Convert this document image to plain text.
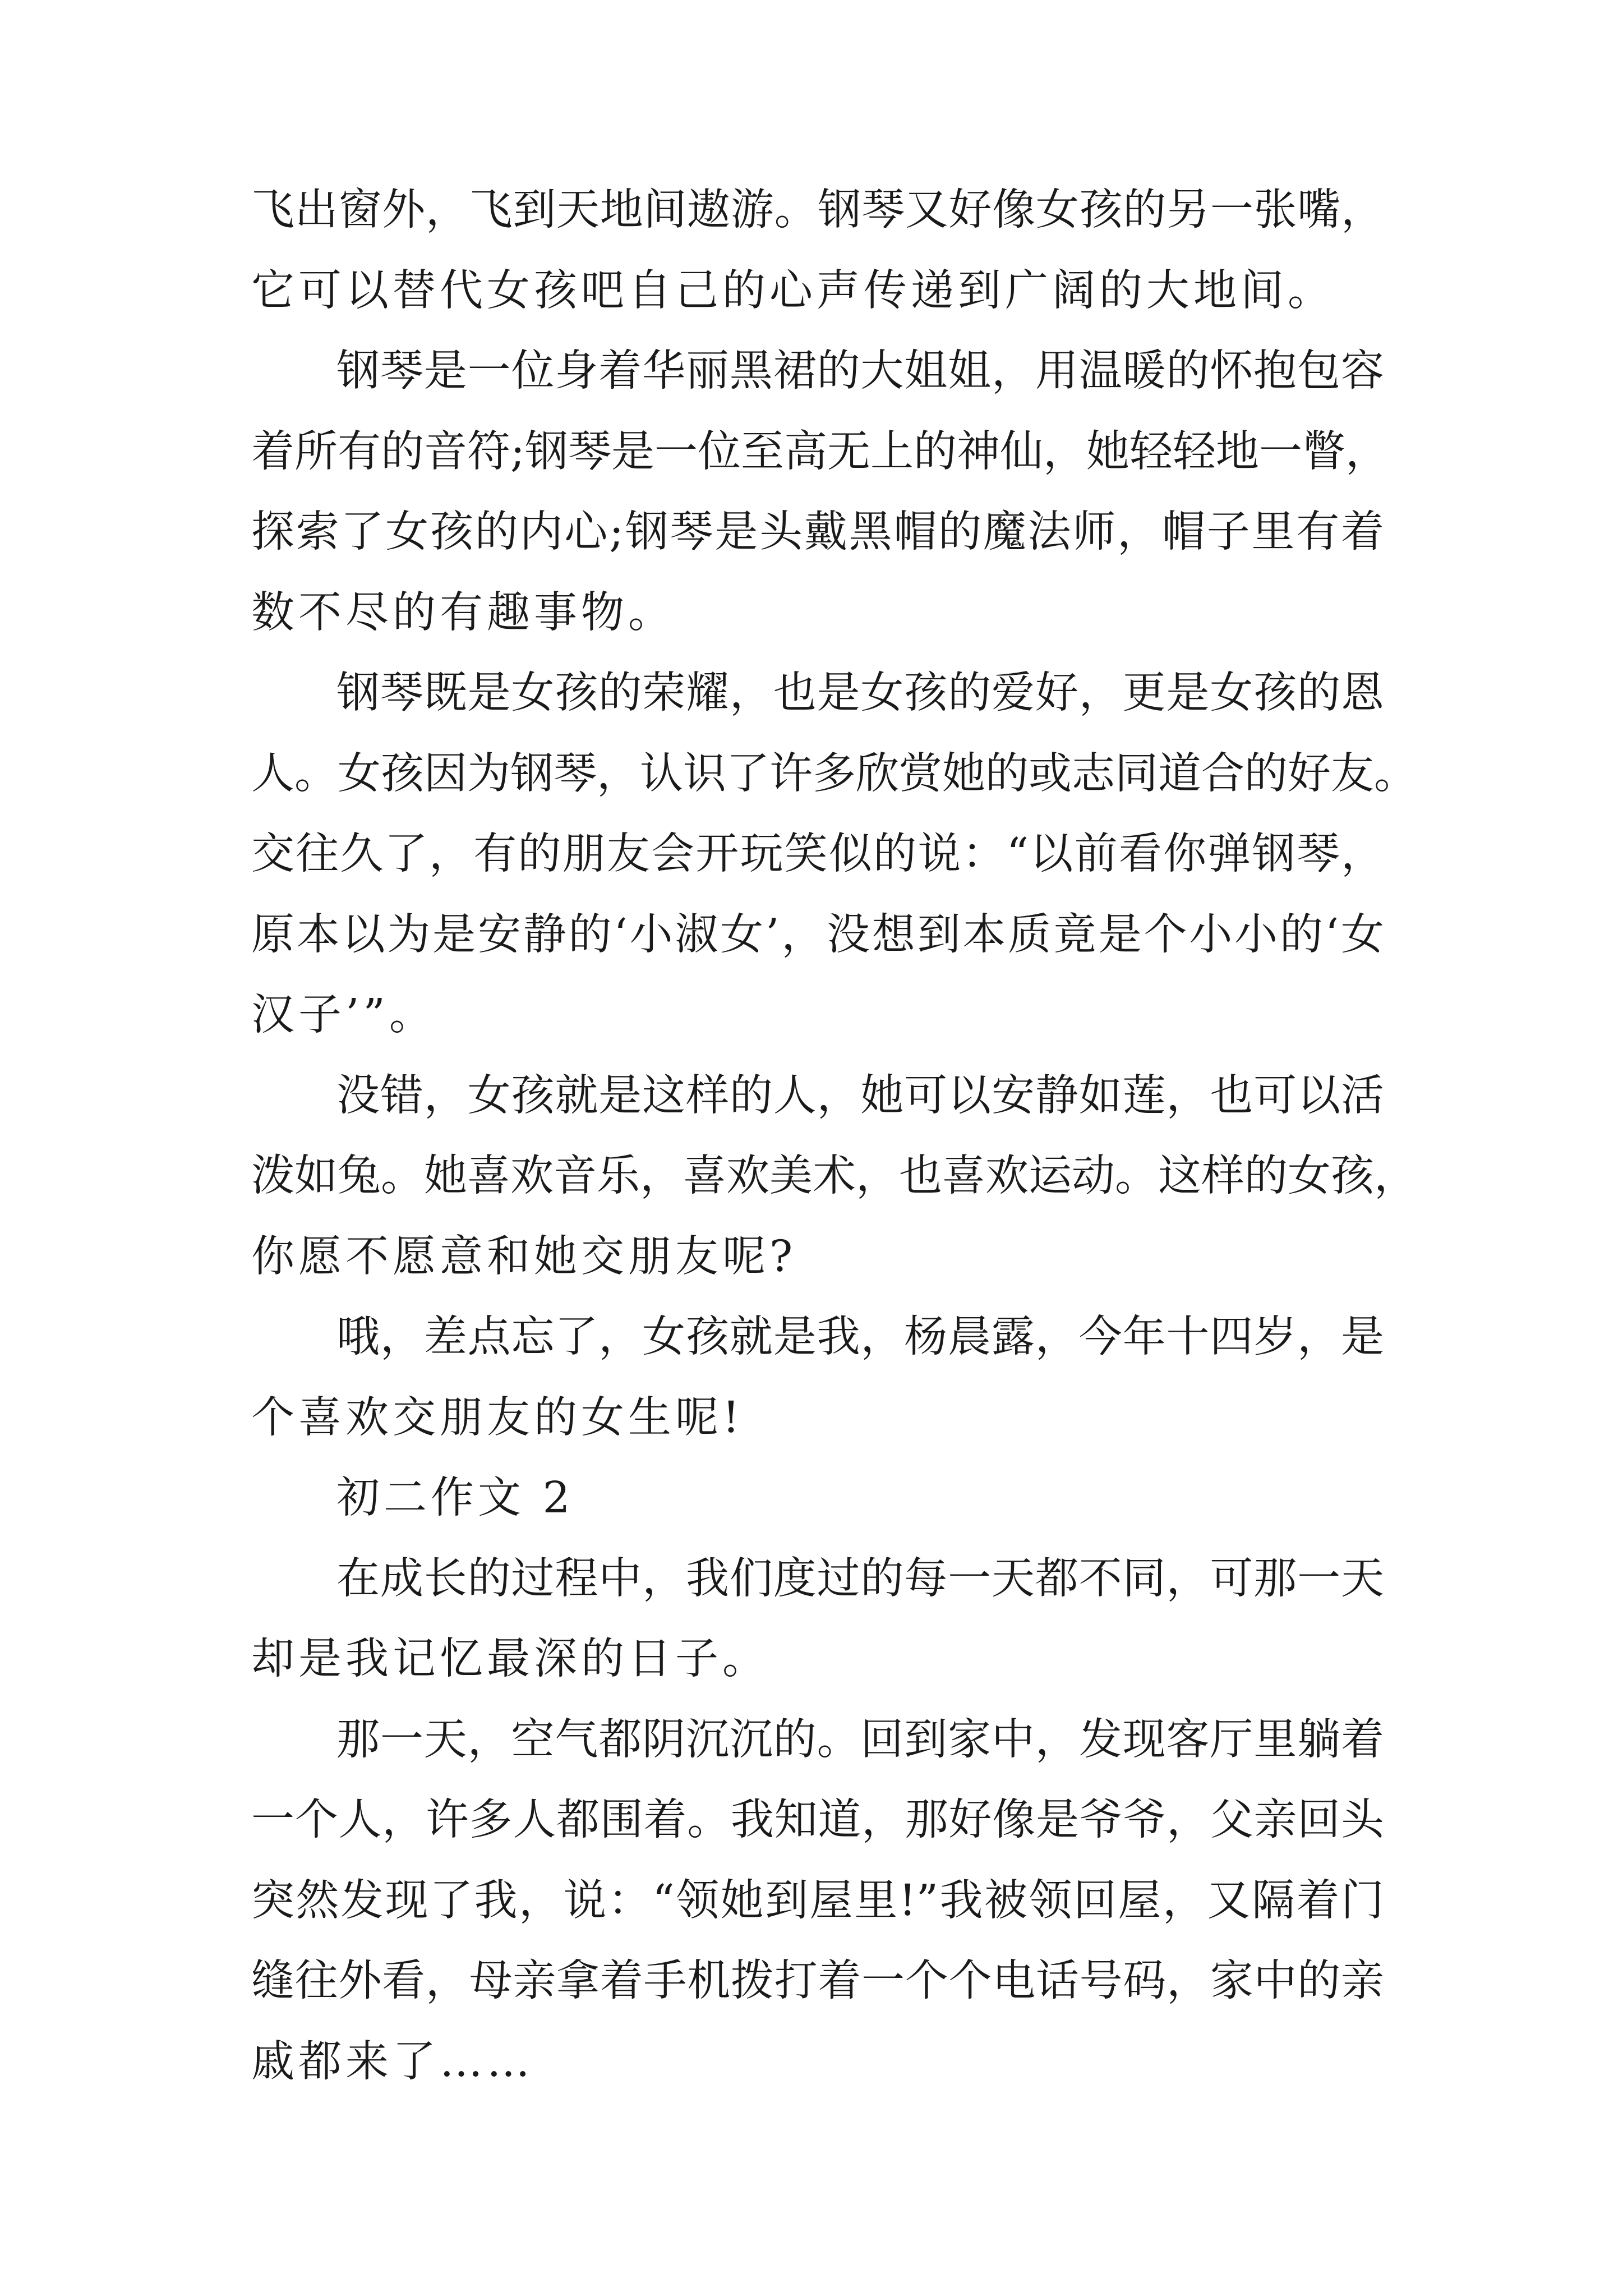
飞出窗外，飞到天地间遨游。钢琴又好像女孩的另一张嘴，
它可以替代女孩吧自己的心声传递到广阔的大地间。
钢琴是一位身着华丽黑裙的大姐姐，用温暖的怀抱包容
着所有的音符;钢琴是一位至高无上的神仙，她轻轻地一瞥，
探索了女孩的内心;钢琴是头戴黑帽的魔法师，帽子里有着
数不尽的有趣事物。
钢琴既是女孩的荣耀，也是女孩的爱好，更是女孩的恩
人。女孩因为钢琴，认识了许多欣赏她的或志同道合的好友。
交往久了，有的朋友会开玩笑似的说：“以前看你弹钢琴，
原本以为是安静的‘小淑女’，没想到本质竟是个小小的‘女
汉子’”。
没错，女孩就是这样的人，她可以安静如莲，也可以活
泼如兔。她喜欢音乐，喜欢美术，也喜欢运动。这样的女孩，
你愿不愿意和她交朋友呢?
哦，差点忘了，女孩就是我，杨晨露，今年十四岁，是
个喜欢交朋友的女生呢!
初二作文 2
在成长的过程中，我们度过的每一天都不同，可那一天
却是我记忆最深的日子。
那一天，空气都阴沉沉的。回到家中，发现客厅里躺着
一个人，许多人都围着。我知道，那好像是爷爷，父亲回头
突然发现了我，说：“领她到屋里!”我被领回屋，又隔着门
缝往外看，母亲拿着手机拨打着一个个电话号码，家中的亲
戚都来了……
